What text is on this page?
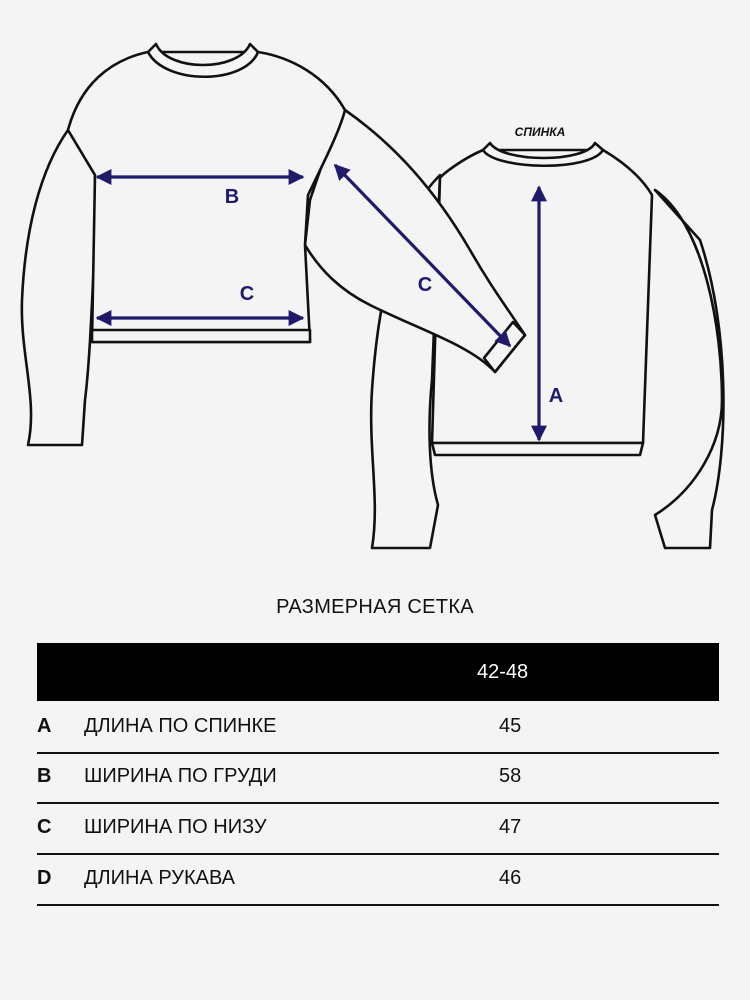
СПИНКА
B
C	C
A
РАЗМЕРНАЯ СЕТКА
42-48
A ДЛИНА ПО СПИНКЕ	45
B ШИРИНА ПО ГРУДИ	58
C ШИРИНА ПО НИЗУ	47
D ДЛИНА РУКАВА	46
